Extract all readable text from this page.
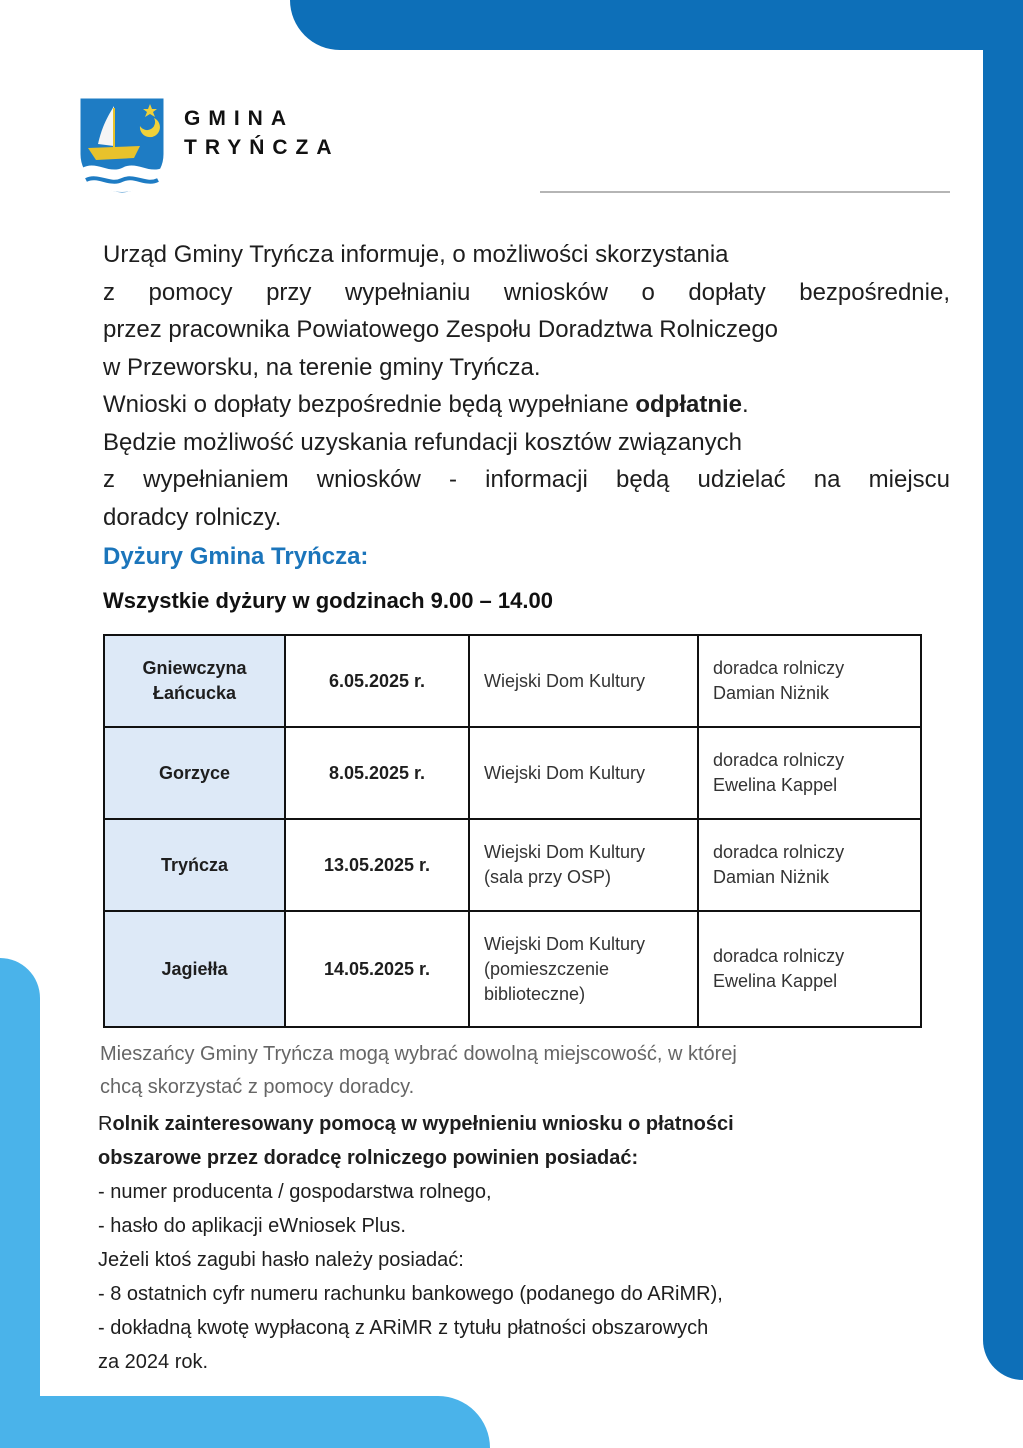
GMINA
TRYŃCZA
Urząd Gminy Tryńcza informuje, o możliwości skorzystania
z pomocy przy wypełnianiu wniosków o dopłaty bezpośrednie,
przez pracownika Powiatowego Zespołu Doradztwa Rolniczego
w Przeworsku, na terenie gminy Tryńcza.
Wnioski o dopłaty bezpośrednie będą wypełniane odpłatnie.
Będzie możliwość uzyskania refundacji kosztów związanych
z wypełnianiem wniosków - informacji będą udzielać na miejscu
doradcy rolniczy.
Dyżury Gmina Tryńcza:
Wszystkie dyżury w godzinach 9.00 – 14.00
Gniewczyna Łańcucka	6.05.2025 r.	Wiejski Dom Kultury	doradca rolniczy
Damian Niżnik

Gorzyce	8.05.2025 r.	Wiejski Dom Kultury	doradca rolniczy
Ewelina Kappel

Tryńcza	13.05.2025 r.	Wiejski Dom Kultury (sala przy OSP)	doradca rolniczy
Damian Niżnik

Jagiełła	14.05.2025 r.	Wiejski Dom Kultury (pomieszczenie biblioteczne)	doradca rolniczy
Ewelina Kappel
Mieszańcy Gminy Tryńcza mogą wybrać dowolną miejscowość, w której
chcą skorzystać z pomocy doradcy.
Rolnik zainteresowany pomocą w wypełnieniu wniosku o płatności
obszarowe przez doradcę rolniczego powinien posiadać:
- numer producenta / gospodarstwa rolnego,
- hasło do aplikacji eWniosek Plus.
Jeżeli ktoś zagubi hasło należy posiadać:
- 8 ostatnich cyfr numeru rachunku bankowego (podanego do ARiMR),
- dokładną kwotę wypłaconą z ARiMR z tytułu płatności obszarowych
za 2024 rok.
